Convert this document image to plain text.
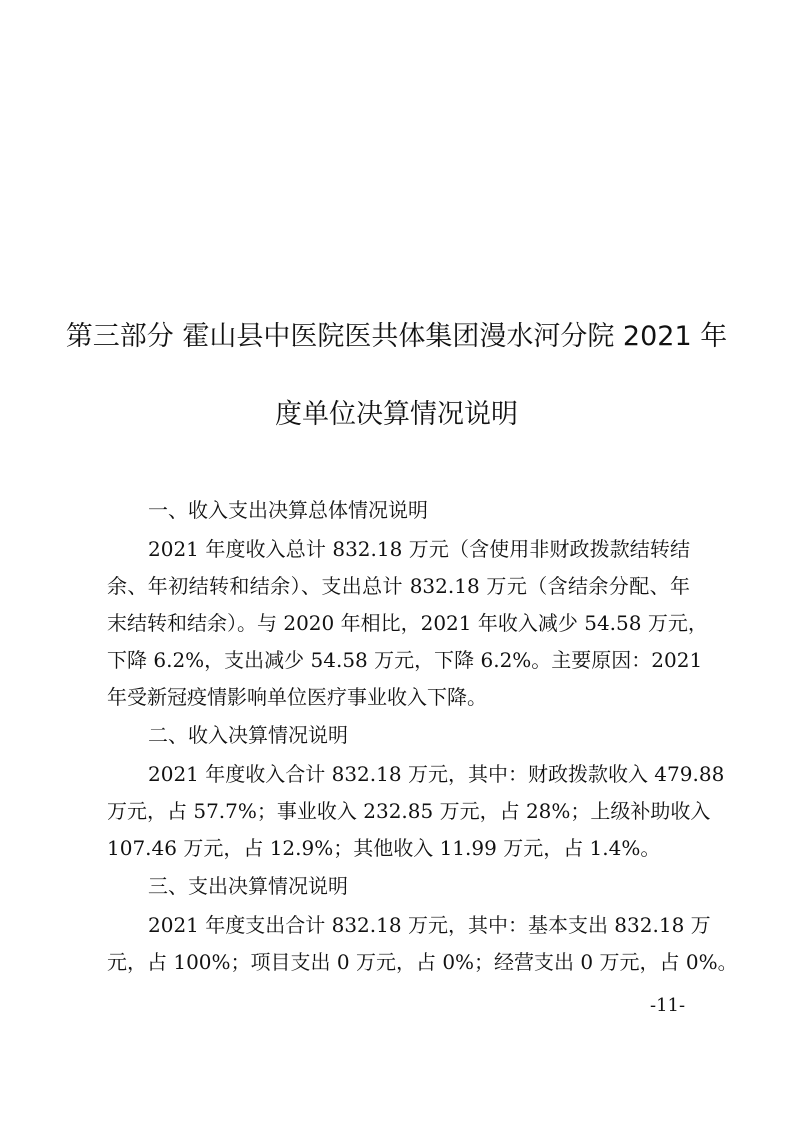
第三部分 霍山县中医院医共体集团漫水河分院 2021 年
度单位决算情况说明
一、收入支出决算总体情况说明
2021 年度收入总计 832.18 万元（含使用非财政拨款结转结
余、年初结转和结余）、支出总计 832.18 万元（含结余分配、年
末结转和结余）。与 2020 年相比，2021 年收入减少 54.58 万元，
下降 6.2%，支出减少 54.58 万元，下降 6.2%。主要原因：2021
年受新冠疫情影响单位医疗事业收入下降。
二、收入决算情况说明
2021 年度收入合计 832.18 万元，其中：财政拨款收入 479.88
万元，占 57.7%；事业收入 232.85 万元，占 28%；上级补助收入
107.46 万元，占 12.9%；其他收入 11.99 万元，占 1.4%。
三、支出决算情况说明
2021 年度支出合计 832.18 万元，其中：基本支出 832.18 万
元，占 100%；项目支出 0 万元，占 0%；经营支出 0 万元，占 0%。
-11-
